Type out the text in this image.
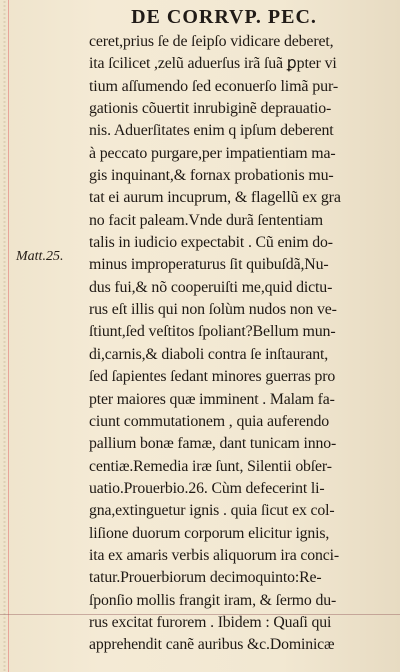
DE CORRVP. PEC.
Matt.25.
ceret,prius ſe de ſeipſo vidicare deberet,
ita ſcilicet ,zelũ aduerſus irã ſuã ꝑpter vi
tium aſſumendo ſed econuerſo limã pur-
gationis cõuertit inrubiginẽ deprauatio-
nis. Aduerſitates enim q ipſum deberent
à peccato purgare,per impatientiam ma-
gis inquinant,& fornax probationis mu-
tat ei aurum incuprum, & flagellũ ex gra
no facit paleam.Vnde durã ſententiam
talis in iudicio expectabit . Cũ enim do-
minus improperaturus ſit quibuſdã,Nu-
dus fui,& nõ cooperuiſti me,quid dictu-
rus eſt illis qui non ſolùm nudos non ve-
ſtiunt,ſed veſtitos ſpoliant?Bellum mun-
di,carnis,& diaboli contra ſe inſtaurant,
ſed ſapientes ſedant minores guerras pro
pter maiores quæ imminent . Malam fa-
ciunt commutationem , quia auferendo
pallium bonæ famæ, dant tunicam inno-
centiæ.Remedia iræ ſunt, Silentii obſer-
uatio.Prouerbio.26. Cùm defecerint li-
gna,extinguetur ignis . quia ſicut ex col-
liſione duorum corporum elicitur ignis,
ita ex amaris verbis aliquorum ira conci-
tatur.Prouerbiorum decimoquinto:Re-
ſponſio mollis frangit iram, & ſermo du-
rus excitat furorem . Ibidem : Quaſi qui
apprehendit canẽ auribus &c.Dominicæ
